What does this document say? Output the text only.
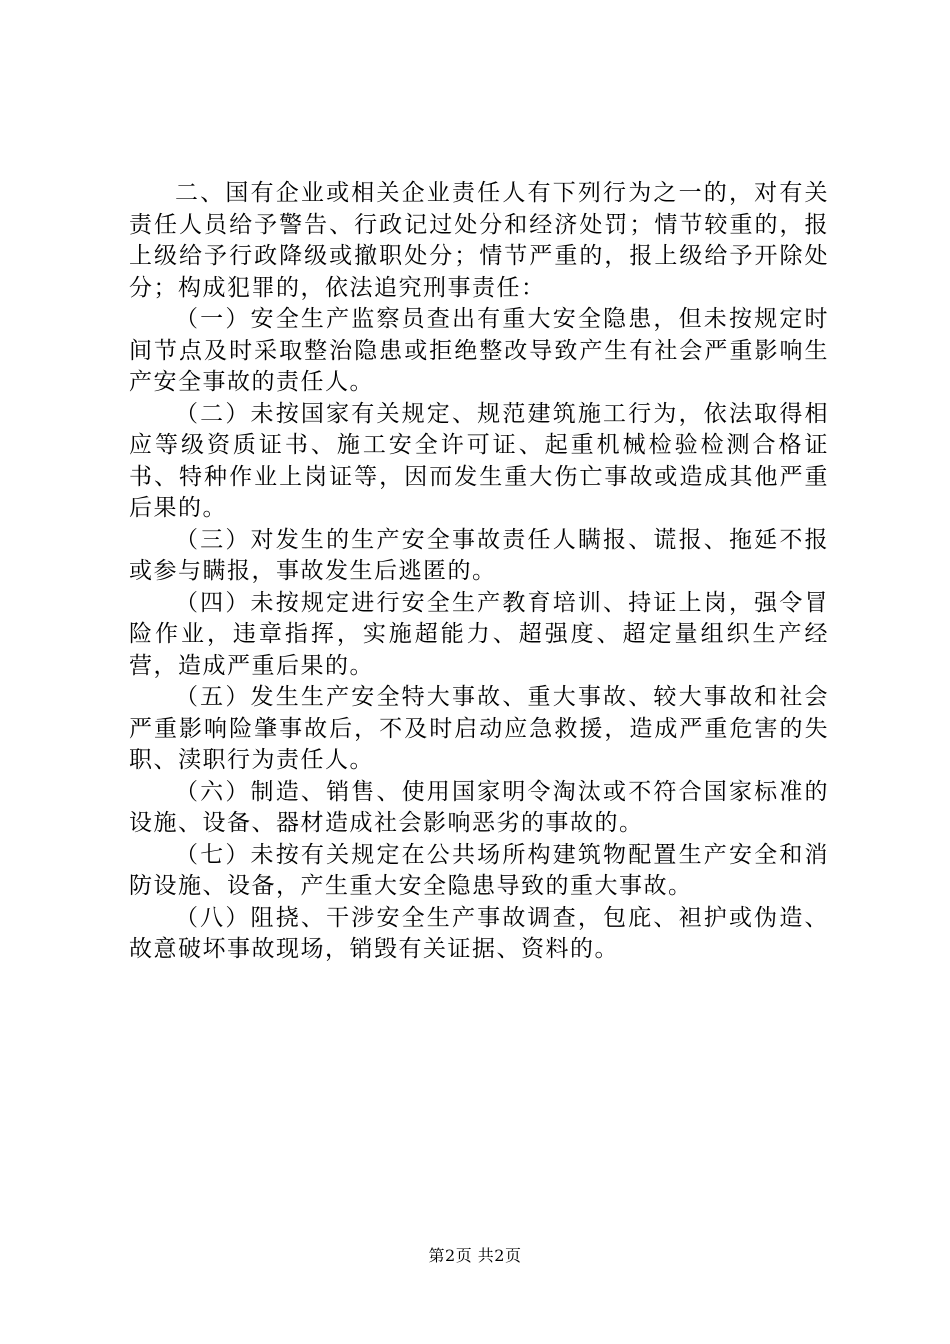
二、国有企业或相关企业责任人有下列行为之一的，对有关责任人员给予警告、行政记过处分和经济处罚；情节较重的，报上级给予行政降级或撤职处分；情节严重的，报上级给予开除处分；构成犯罪的，依法追究刑事责任：

（一）安全生产监察员查出有重大安全隐患，但未按规定时间节点及时采取整治隐患或拒绝整改导致产生有社会严重影响生产安全事故的责任人。

（二）未按国家有关规定、规范建筑施工行为，依法取得相应等级资质证书、施工安全许可证、起重机械检验检测合格证书、特种作业上岗证等，因而发生重大伤亡事故或造成其他严重后果的。

（三）对发生的生产安全事故责任人瞒报、谎报、拖延不报或参与瞒报，事故发生后逃匿的。

（四）未按规定进行安全生产教育培训、持证上岗，强令冒险作业，违章指挥，实施超能力、超强度、超定量组织生产经营，造成严重后果的。

（五）发生生产安全特大事故、重大事故、较大事故和社会严重影响险肇事故后，不及时启动应急救援，造成严重危害的失职、渎职行为责任人。

（六）制造、销售、使用国家明令淘汰或不符合国家标准的设施、设备、器材造成社会影响恶劣的事故的。

（七）未按有关规定在公共场所构建筑物配置生产安全和消防设施、设备，产生重大安全隐患导致的重大事故。

（八）阻挠、干涉安全生产事故调查，包庇、袒护或伪造、故意破坏事故现场，销毁有关证据、资料的。

第2页 共2页
